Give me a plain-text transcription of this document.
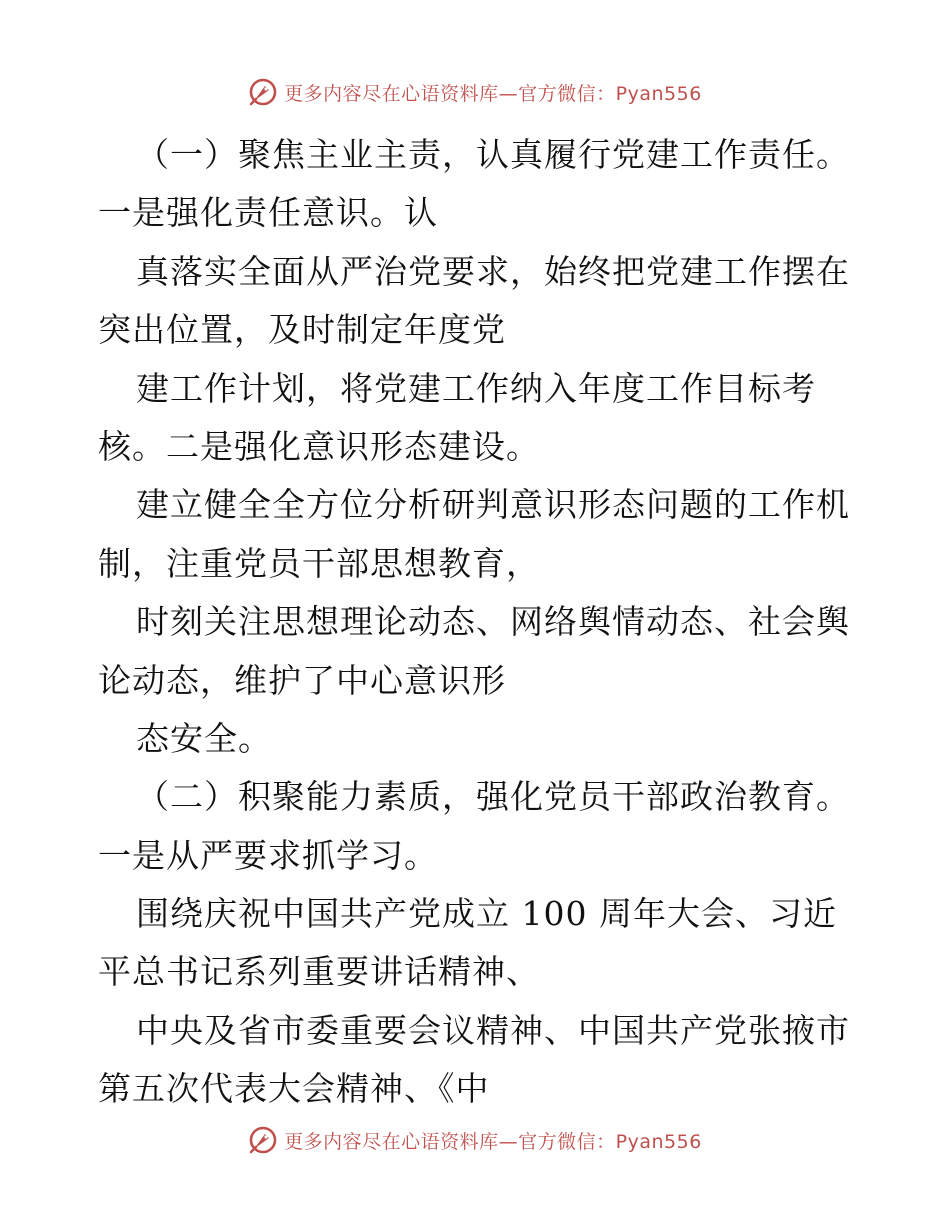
更多内容尽在心语资料库—官方微信：Pyan556
（一）聚焦主业主责，认真履行党建工作责任。
一是强化责任意识。认
真落实全面从严治党要求，始终把党建工作摆在
突出位置，及时制定年度党
建工作计划，将党建工作纳入年度工作目标考
核。二是强化意识形态建设。
建立健全全方位分析研判意识形态问题的工作机
制，注重党员干部思想教育，
时刻关注思想理论动态、网络舆情动态、社会舆
论动态，维护了中心意识形
态安全。
（二）积聚能力素质，强化党员干部政治教育。
一是从严要求抓学习。
围绕庆祝中国共产党成立 100 周年大会、习近
平总书记系列重要讲话精神、
中央及省市委重要会议精神、中国共产党张掖市
第五次代表大会精神、《中
更多内容尽在心语资料库—官方微信：Pyan556
